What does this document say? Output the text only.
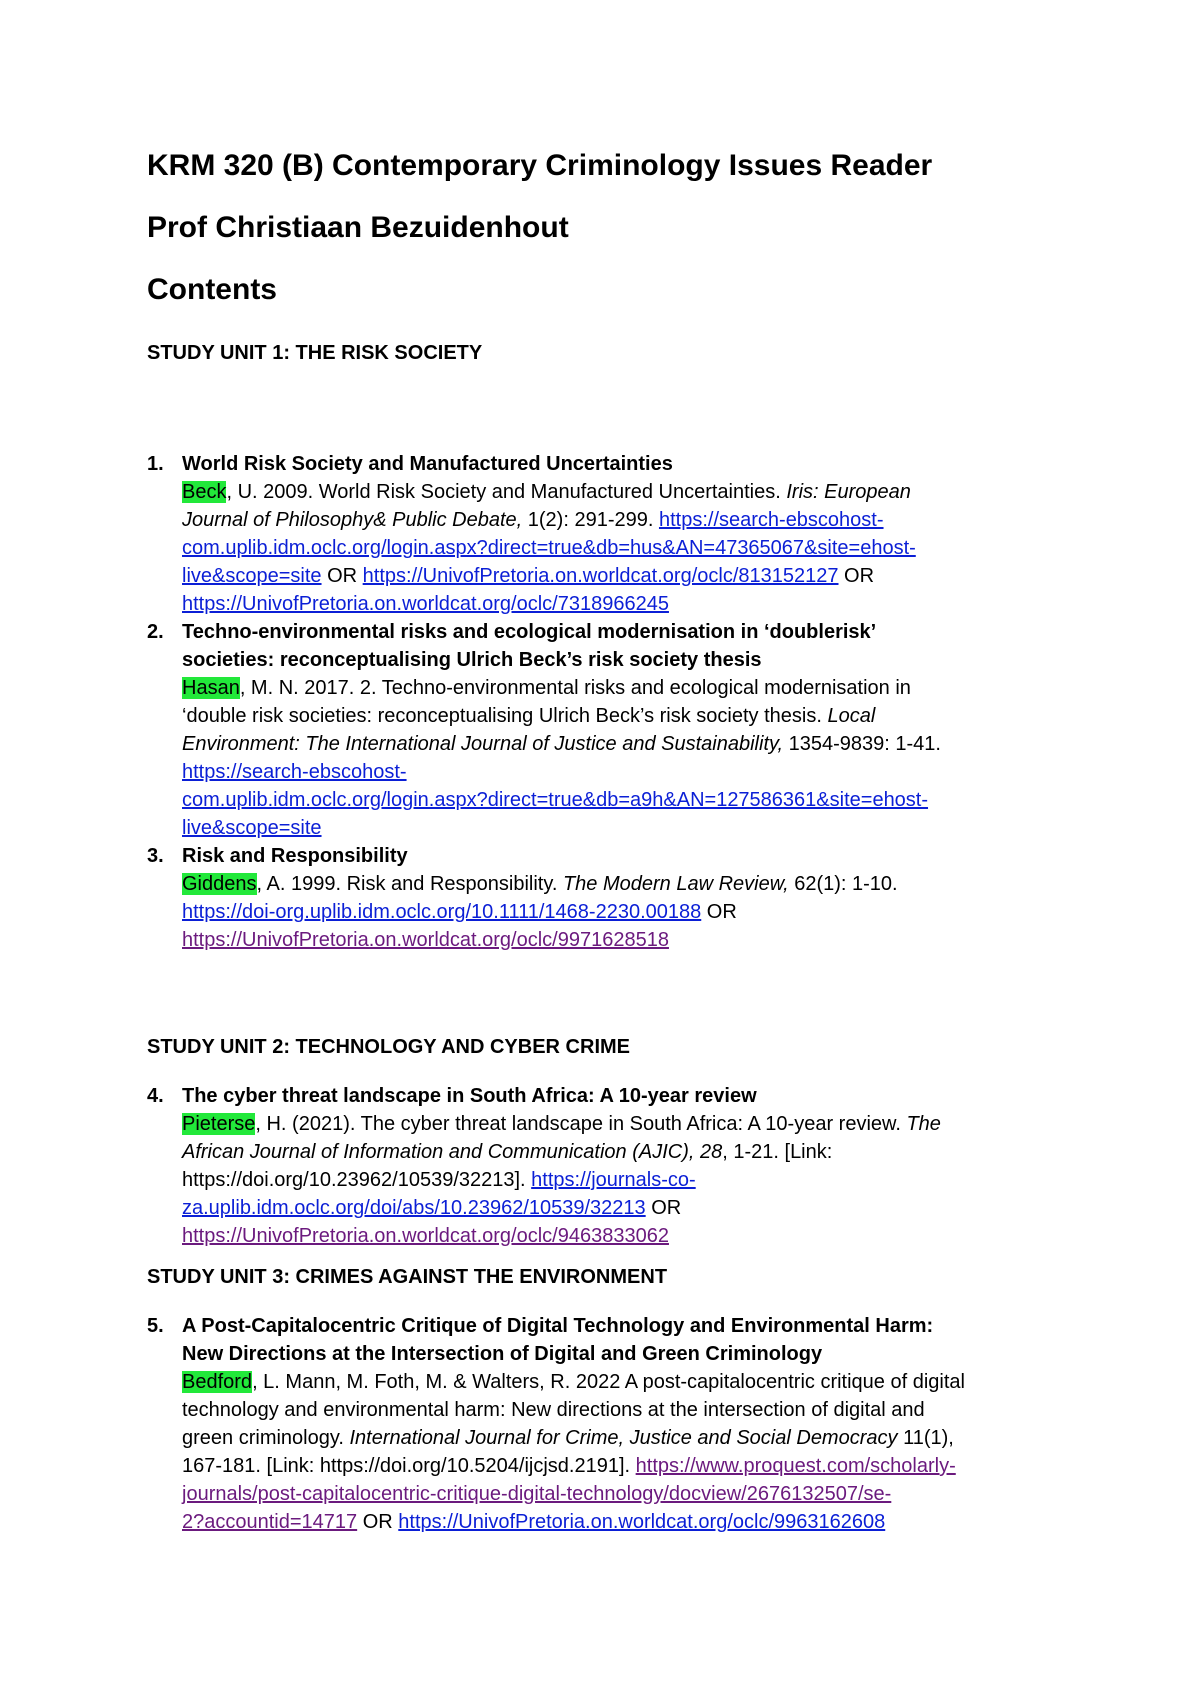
KRM 320 (B) Contemporary Criminology Issues Reader
Prof Christiaan Bezuidenhout
Contents
STUDY UNIT 1: THE RISK SOCIETY
1. World Risk Society and Manufactured Uncertainties
Beck, U. 2009. World Risk Society and Manufactured Uncertainties. Iris: European
Journal of Philosophy& Public Debate, 1(2): 291-299. https://search-ebscohost-
com.uplib.idm.oclc.org/login.aspx?direct=true&db=hus&AN=47365067&site=ehost-
live&scope=site OR https://UnivofPretoria.on.worldcat.org/oclc/813152127 OR
https://UnivofPretoria.on.worldcat.org/oclc/7318966245
2. Techno-environmental risks and ecological modernisation in ‘doublerisk’
societies: reconceptualising Ulrich Beck’s risk society thesis
Hasan, M. N. 2017. 2. Techno-environmental risks and ecological modernisation in
‘double risk societies: reconceptualising Ulrich Beck’s risk society thesis. Local
Environment: The International Journal of Justice and Sustainability, 1354-9839: 1-41.
https://search-ebscohost-
com.uplib.idm.oclc.org/login.aspx?direct=true&db=a9h&AN=127586361&site=ehost-
live&scope=site
3. Risk and Responsibility
Giddens, A. 1999. Risk and Responsibility. The Modern Law Review, 62(1): 1-10.
https://doi-org.uplib.idm.oclc.org/10.1111/1468-2230.00188 OR
https://UnivofPretoria.on.worldcat.org/oclc/9971628518
STUDY UNIT 2: TECHNOLOGY AND CYBER CRIME
4. The cyber threat landscape in South Africa: A 10-year review
Pieterse, H. (2021). The cyber threat landscape in South Africa: A 10-year review. The
African Journal of Information and Communication (AJIC), 28, 1-21. [Link:
https://doi.org/10.23962/10539/32213]. https://journals-co-
za.uplib.idm.oclc.org/doi/abs/10.23962/10539/32213 OR
https://UnivofPretoria.on.worldcat.org/oclc/9463833062
STUDY UNIT 3: CRIMES AGAINST THE ENVIRONMENT
5. A Post-Capitalocentric Critique of Digital Technology and Environmental Harm:
New Directions at the Intersection of Digital and Green Criminology
Bedford, L. Mann, M. Foth, M. & Walters, R. 2022 A post-capitalocentric critique of digital
technology and environmental harm: New directions at the intersection of digital and
green criminology. International Journal for Crime, Justice and Social Democracy 11(1),
167-181. [Link: https://doi.org/10.5204/ijcjsd.2191]. https://www.proquest.com/scholarly-
journals/post-capitalocentric-critique-digital-technology/docview/2676132507/se-
2?accountid=14717 OR https://UnivofPretoria.on.worldcat.org/oclc/9963162608
